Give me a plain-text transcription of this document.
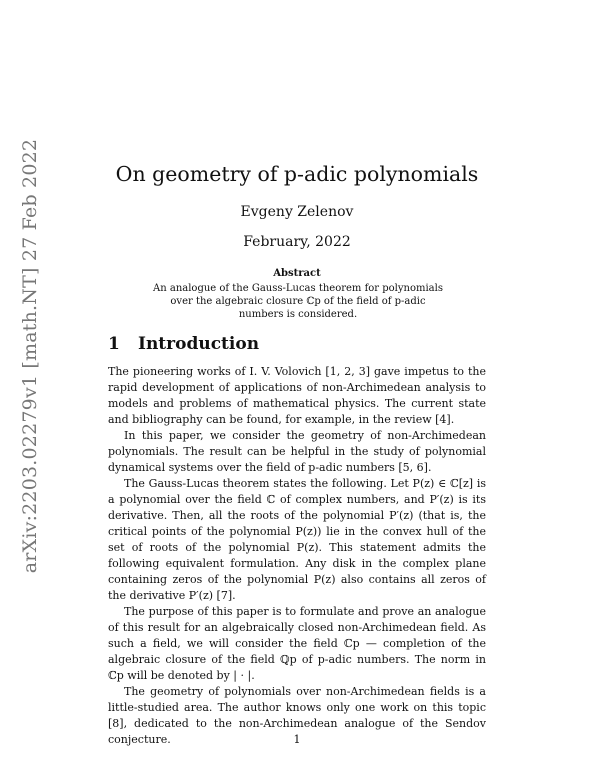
arXiv:2203.02279v1 [math.NT] 27 Feb 2022	On geometry of p-adic polynomials
Evgeny Zelenov
February, 2022
Abstract
An analogue of the Gauss-Lucas theorem for polynomials over the algebraic closure ℂp of the field of p-adic numbers is considered.
1 Introduction

The pioneering works of I. V. Volovich [1, 2, 3] gave impetus to the rapid development of applications of non-Archimedean analysis to models and problems of mathematical physics. The current state and bibliography can be found, for example, in the review [4].

In this paper, we consider the geometry of non-Archimedean polynomials. The result can be helpful in the study of polynomial dynamical systems over the field of p-adic numbers [5, 6].

The Gauss-Lucas theorem states the following. Let P(z) ∈ ℂ[z] is a polynomial over the field ℂ of complex numbers, and P′(z) is its derivative. Then, all the roots of the polynomial P′(z) (that is, the critical points of the polynomial P(z)) lie in the convex hull of the set of roots of the polynomial P(z). This statement admits the following equivalent formulation. Any disk in the complex plane containing zeros of the polynomial P(z) also contains all zeros of the derivative P′(z) [7].

The purpose of this paper is to formulate and prove an analogue of this result for an algebraically closed non-Archimedean field. As such a field, we will consider the field ℂp — completion of the algebraic closure of the field ℚp of p-adic numbers. The norm in ℂp will be denoted by | · |.

The geometry of polynomials over non-Archimedean fields is a little-studied area. The author knows only one work on this topic [8], dedicated to the non-Archimedean analogue of the Sendov conjecture.	1
